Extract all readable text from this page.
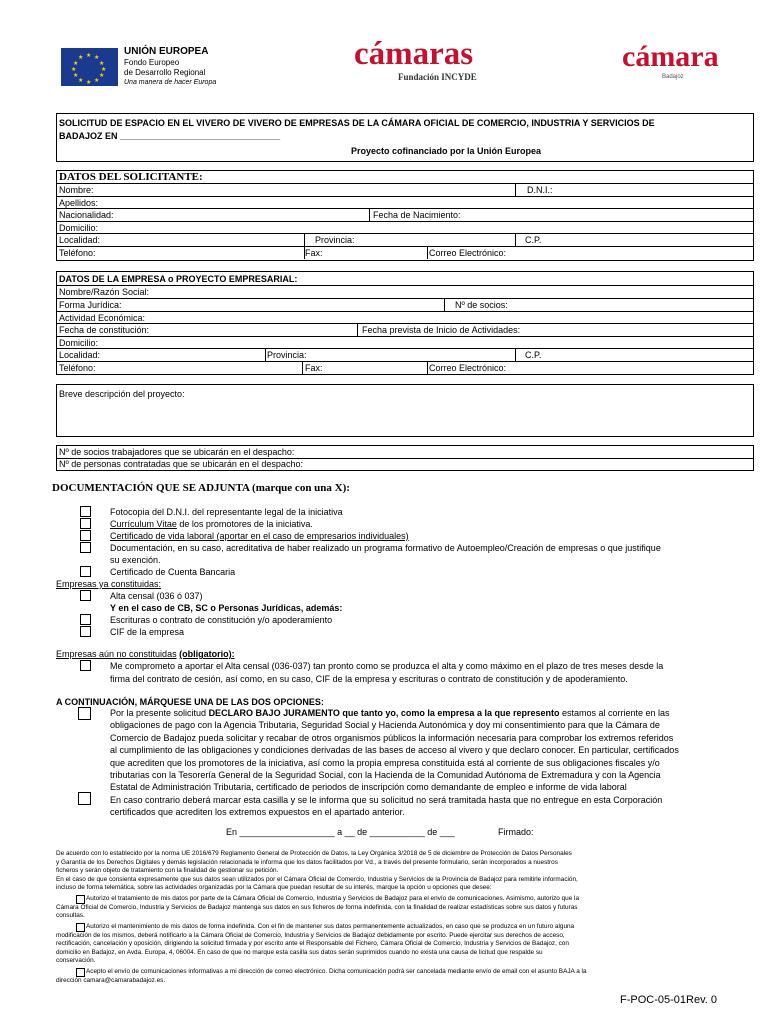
★ ★
★
★
★
★
★
★
★
★
★
★
UNIÓN EUROPEA
Fondo Europeo
de Desarrollo Regional
Una manera de hacer Europa
cámaras
Fundación INCYDE
cámara
Badajoz
SOLICITUD DE ESPACIO EN EL VIVERO DE VIVERO DE EMPRESAS DE LA CÁMARA OFICIAL DE COMERCIO, INDUSTRIA Y SERVICIOS DE
BADAJOZ EN ________________________________
Proyecto cofinanciado por la Unión Europea
DATOS DEL SOLICITANTE:
Nombre:	D.N.I.:
Apellidos:
Nacionalidad:	Fecha de Nacimiento:
Domicilio:
Localidad:	Provincia:	C.P.
Teléfono:	Fax:	Correo Electrónico:
DATOS DE LA EMPRESA o PROYECTO EMPRESARIAL:
Nombre/Razón Social:
Forma Jurídica:	Nº de socios:
Actividad Económica:
Fecha de constitución:	Fecha prevista de Inicio de Actividades:
Domicilio:
Localidad:	Provincia:	C.P.
Teléfono:	Fax:	Correo Electrónico:
Breve descripción del proyecto:
Nº de socios trabajadores que se ubicarán en el despacho:
Nº de personas contratadas que se ubicarán en el despacho:
DOCUMENTACIÓN QUE SE ADJUNTA (marque con una X):
Fotocopia del D.N.I. del representante legal de la iniciativa
Currículum Vitae de los promotores de la iniciativa.
Certificado de vida laboral (aportar en el caso de empresarios individuales)
Documentación, en su caso, acreditativa de haber realizado un programa formativo de Autoempleo/Creación de empresas o que justifique
su exención.
Certificado de Cuenta Bancaria
Empresas ya constituidas:
Alta censal (036 ó 037)
Y en el caso de CB, SC o Personas Jurídicas, además:
Escrituras o contrato de constitución y/o apoderamiento
CIF de la empresa
Empresas aún no constituidas (obligatorio):
Me comprometo a aportar el Alta censal (036-037) tan pronto como se produzca el alta y como máximo en el plazo de tres meses desde la
firma del contrato de cesión, así como, en su caso, CIF de la empresa y escrituras o contrato de constitución y de apoderamiento.
A CONTINUACIÓN, MÁRQUESE UNA DE LAS DOS OPCIONES:
Por la presente solicitud DECLARO BAJO JURAMENTO que tanto yo, como la empresa a la que represento estamos al corriente en las
obligaciones de pago con la Agencia Tributaria, Seguridad Social y Hacienda Autonómica y doy mi consentimiento para que la Cámara de
Comercio de Badajoz pueda solicitar y recabar de otros organismos públicos la información necesaria para comprobar los extremos referidos
al cumplimiento de las obligaciones y condiciones derivadas de las bases de acceso al vivero y que declaro conocer. En particular, certificados
que acrediten que los promotores de la iniciativa, así como la propia empresa constituida está al corriente de sus obligaciones fiscales y/o
tributarias con la Tesorería General de la Seguridad Social, con la Hacienda de la Comunidad Autónoma de Extremadura y con la Agencia
Estatal de Administración Tributaria, certificado de periodos de inscripción como demandante de empleo e informe de vida laboral
En caso contrario deberá marcar esta casilla y se le informa que su solicitud no será tramitada hasta que no entregue en esta Corporación
certificados que acrediten los extremos expuestos en el apartado anterior.
En ___________________ a __ de ___________ de ___	Firmado:
De acuerdo con lo establecido por la norma UE 2016/679 Reglamento General de Protección de Datos, la Ley Orgánica 3/2018 de 5 de diciembre de Protección de Datos Personales
y Garantía de los Derechos Digitales y demás legislación relacionada le informa que los datos facilitados por Vd., a través del presente formulario, serán incorporados a nuestros
ficheros y serán objeto de tratamiento con la finalidad de gestionar su petición.
En el caso de que consienta expresamente que sus datos sean utilizados por el Cámara Oficial de Comercio, Industria y Servicios de la Provincia de Badajoz para remitirle información,
incluso de forma telemática, sobre las actividades organizadas por la Cámara que puedan resultar de su interés, marque la opción u opciones que desee:
Autorizo el tratamiento de mis datos por parte de la Cámara Oficial de Comercio, Industria y Servicios de Badajoz para el envío de comunicaciones. Asimismo, autorizo que la
Cámara Oficial de Comercio, Industria y Servicios de Badajoz mantenga sus datos en sus ficheros de forma indefinida, con la finalidad de realizar estadísticas sobre sus datos y futuras
consultas.
Autorizo el mantenimiento de mis datos de forma indefinida. Con el fin de mantener sus datos permanentemente actualizados, en caso que se produzca en un futuro alguna
modificación de los mismos, deberá notificarlo a la Cámara Oficial de Comercio, Industria y Servicios de Badajoz debidamente por escrito. Puede ejercitar sus derechos de acceso,
rectificación, cancelación y oposición, dirigiendo la solicitud firmada y por escrito ante el Responsable del Fichero, Cámara Oficial de Comercio, Industria y Servicios de Badajoz, con
domicilio en Badajoz, en Avda. Europa, 4, 06004. En caso de que no marque esta casilla sus datos serán suprimidos cuando no exista una causa de licitud que respalde su
conservación.
Acepto el envío de comunicaciones informativas a mi dirección de correo electrónico. Dicha comunicación podrá ser cancelada mediante envío de email con el asunto BAJA a la
dirección camara@camarabadajoz.es.
F-POC-05-01Rev. 0
